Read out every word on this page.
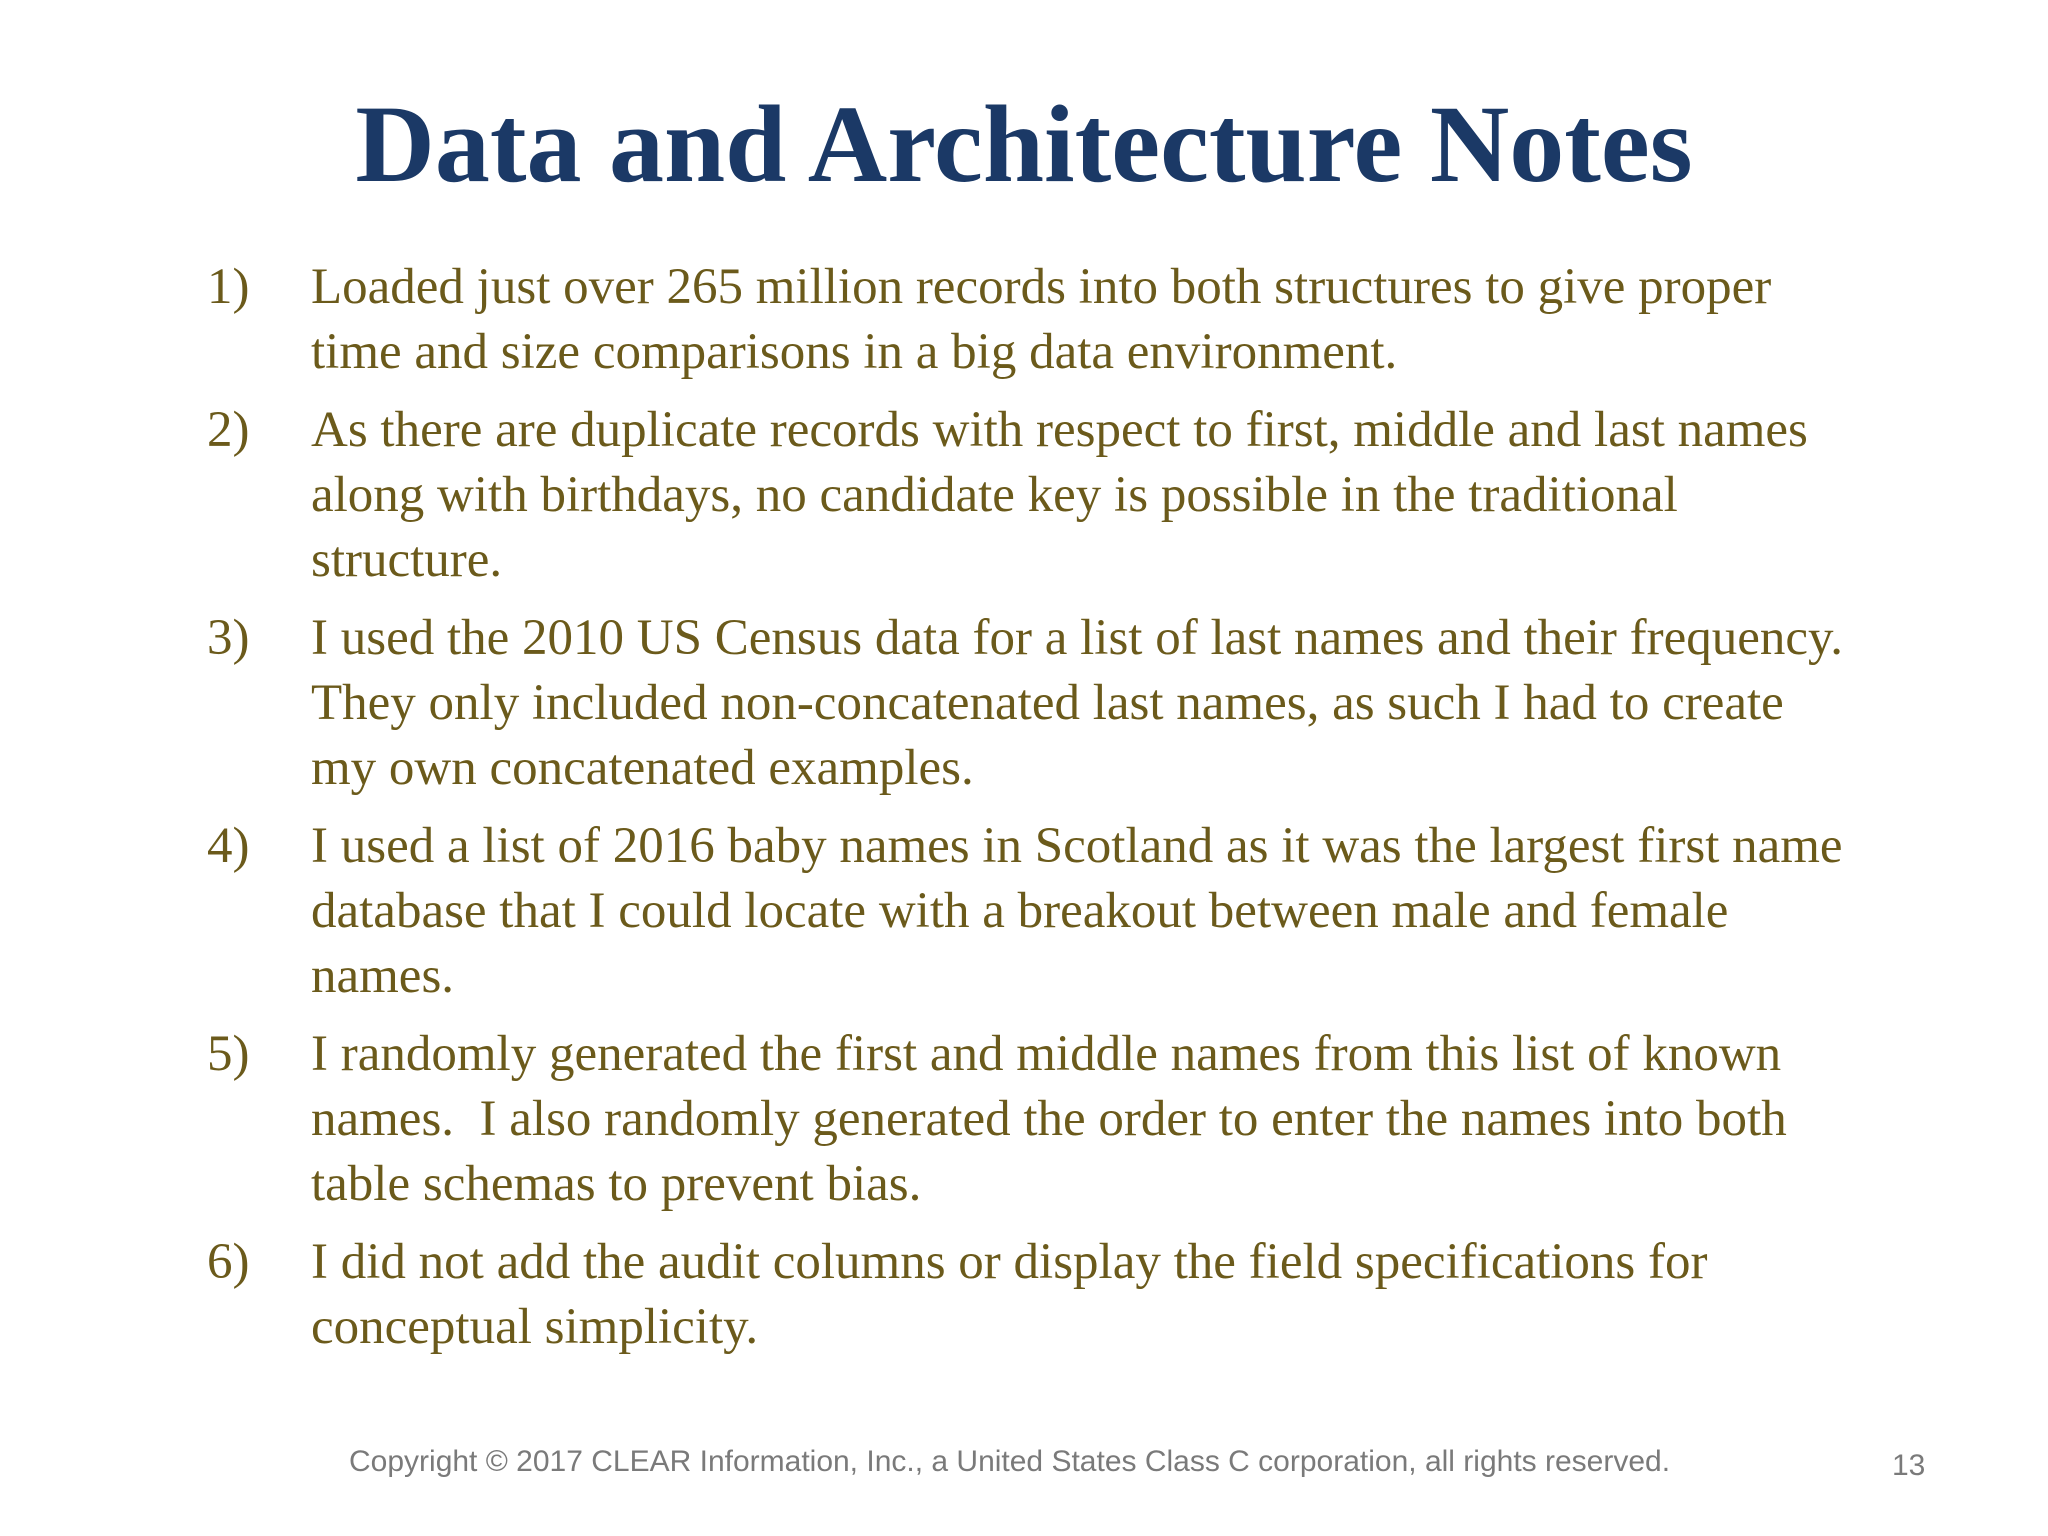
Data and Architecture Notes
1) Loaded just over 265 million records into both structures to give proper time and size comparisons in a big data environment.
2) As there are duplicate records with respect to first, middle and last names along with birthdays, no candidate key is possible in the traditional structure.
3) I used the 2010 US Census data for a list of last names and their frequency.  They only included non-concatenated last names, as such I had to create my own concatenated examples.
4) I used a list of 2016 baby names in Scotland as it was the largest first name database that I could locate with a breakout between male and female names.
5) I randomly generated the first and middle names from this list of known names.  I also randomly generated the order to enter the names into both table schemas to prevent bias.
6) I did not add the audit columns or display the field specifications for conceptual simplicity.
Copyright © 2017 CLEAR Information, Inc., a United States Class C corporation, all rights reserved.	13
